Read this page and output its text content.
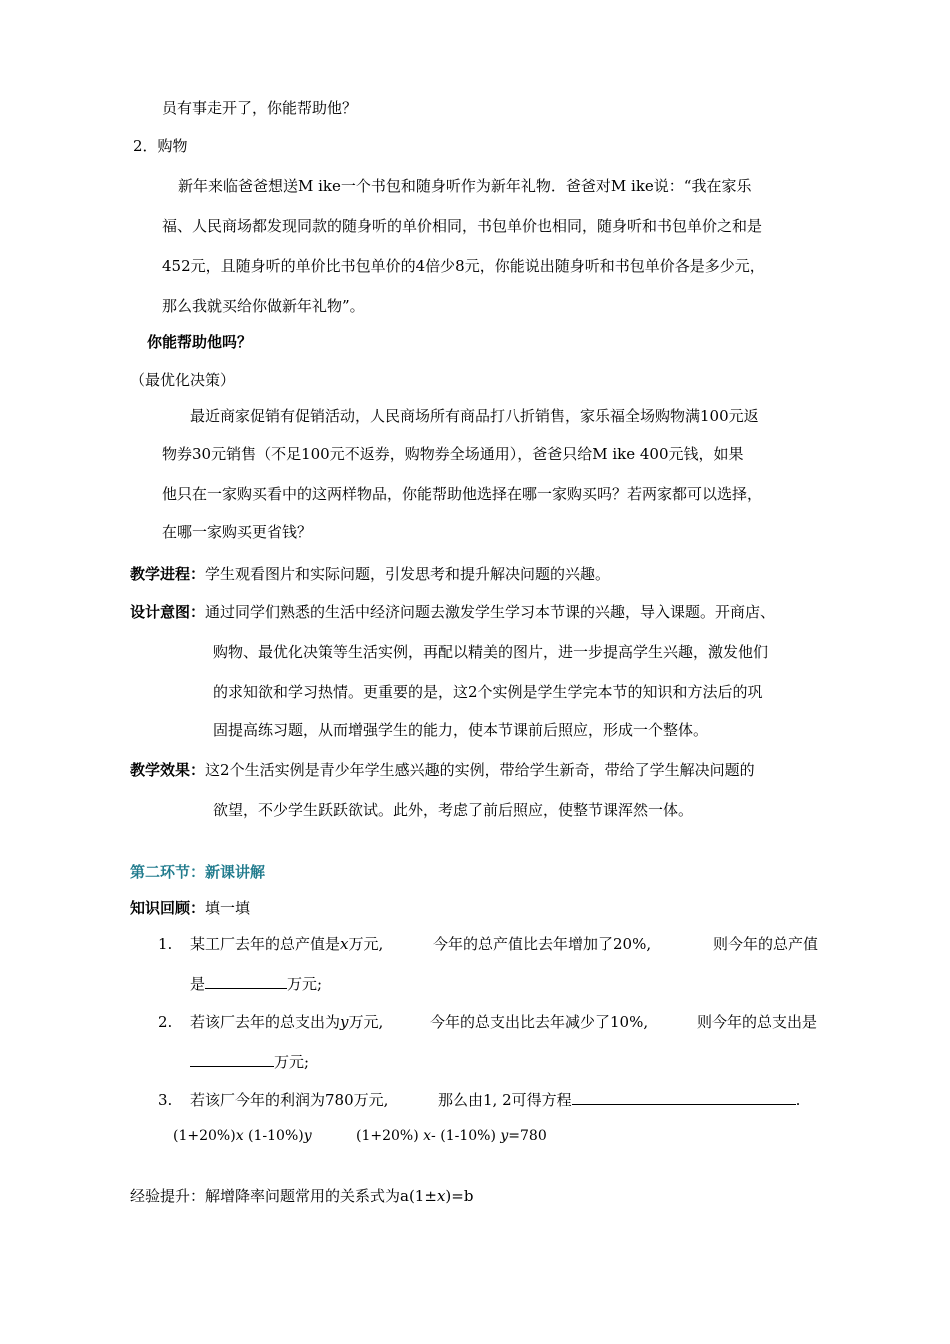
员有事走开了，你能帮助他？
2．购物
新年来临爸爸想送M ike一个书包和随身听作为新年礼物．爸爸对M ike说：“我在家乐
福、人民商场都发现同款的随身听的单价相同，书包单价也相同，随身听和书包单价之和是
452元，且随身听的单价比书包单价的4倍少8元，你能说出随身听和书包单价各是多少元，
那么我就买给你做新年礼物”。
你能帮助他吗？
（最优化决策）
最近商家促销有促销活动，人民商场所有商品打八折销售，家乐福全场购物满100元返
物券30元销售（不足100元不返券，购物券全场通用），爸爸只给M ike 400元钱，如果
他只在一家购买看中的这两样物品，你能帮助他选择在哪一家购买吗？若两家都可以选择，
在哪一家购买更省钱？
教学进程：学生观看图片和实际问题，引发思考和提升解决问题的兴趣。
设计意图：通过同学们熟悉的生活中经济问题去激发学生学习本节课的兴趣，导入课题。开商店、
购物、最优化决策等生活实例，再配以精美的图片，进一步提高学生兴趣，激发他们
的求知欲和学习热情。更重要的是，这2个实例是学生学完本节的知识和方法后的巩
固提高练习题，从而增强学生的能力，使本节课前后照应，形成一个整体。
教学效果：这2个生活实例是青少年学生感兴趣的实例，带给学生新奇，带给了学生解决问题的
欲望，不少学生跃跃欲试。此外，考虑了前后照应，使整节课浑然一体。
第二环节：新课讲解
知识回顾：填一填
1. 某工厂去年的总产值是x万元,	今年的总产值比去年增加了20%,	则今年的总产值
是	万元;
2. 若该厂去年的总支出为y万元,	今年的总支出比去年减少了10%,	则今年的总支出是
万元;
3. 若该厂今年的利润为780万元,	那么由1, 2可得方程	.
(1+20%)x (1-10%)y	(1+20%) x- (1-10%) y=780
经验提升：解增降率问题常用的关系式为a(1±x)=b
